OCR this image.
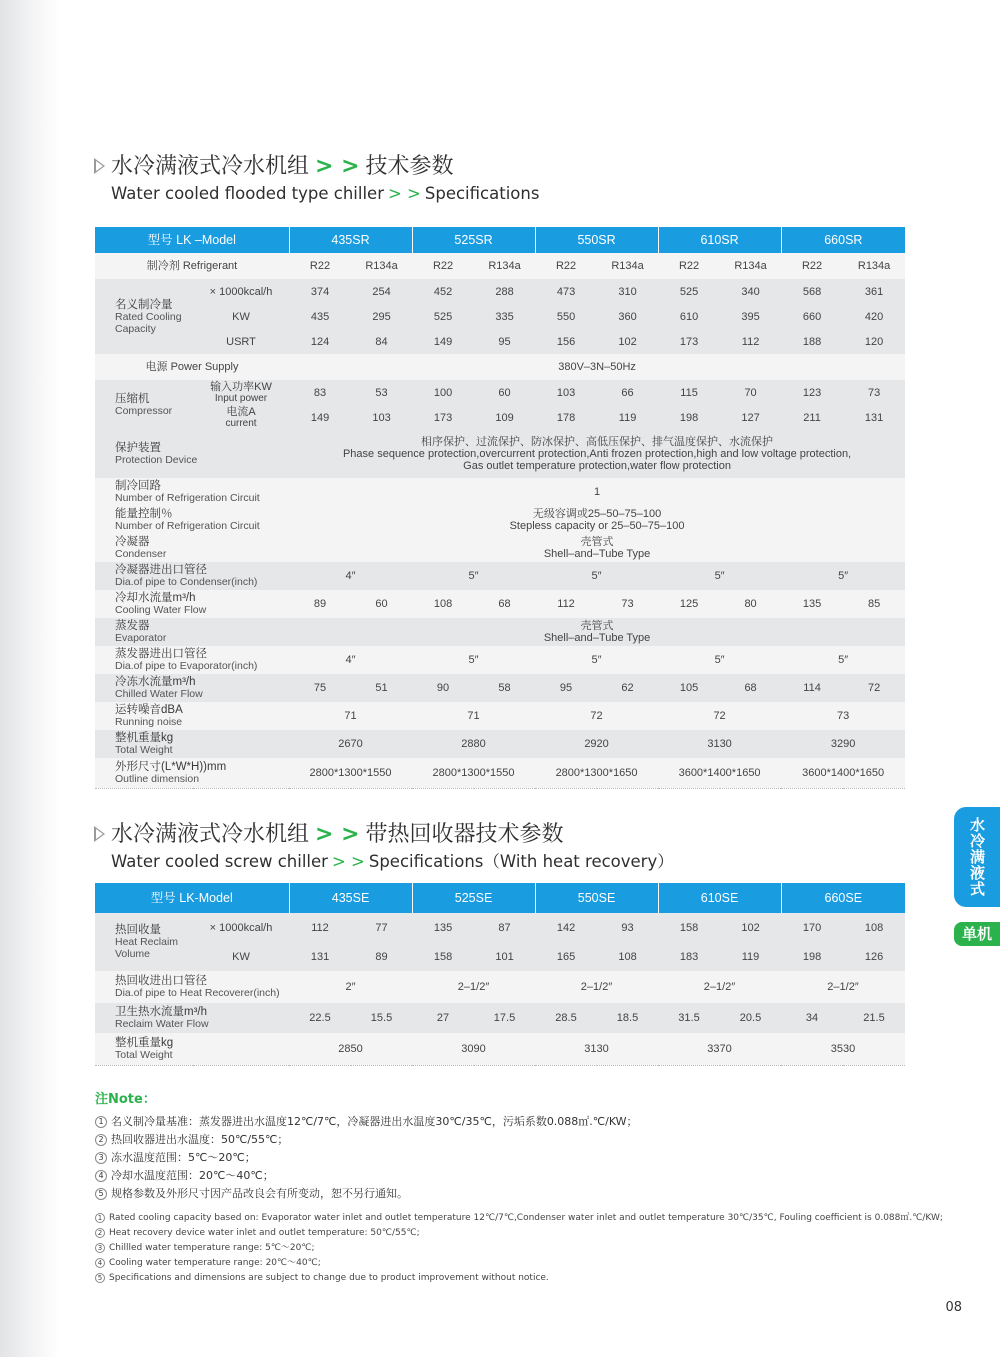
水冷满液式冷水机组 > > 技术参数
Water cooled flooded type chiller > > Specifications
型号 LK –Model		435SR		525SR		550SR		610SR		660SR	
制冷剂 Refrigerant		R22	R134a	R22	R134a	R22	R134a	R22	R134a	R22	R134a

名义制冷量
Rated Cooling Capacity	× 1000kcal/h	374	254	452	288	473	310	525	340	568	361
	KW	435	295	525	335	550	360	610	395	660	420
	USRT	124	84	149	95	156	102	173	112	188	120
电源 Power Supply		380V–3N–50Hz									

压缩机
Compressor	输入功率KW
Input power	83	53	100	60	103	66	115	70	123	73

	电流A
current	149	103	173	109	178	119	198	127	211	131

保护装置
Protection Device		相序保护、过流保护、防冰保护、高低压保护、排气温度保护、水流保护
Phase sequence protection,overcurrent protection,Anti frozen protection,high and low voltage protection,
Gas outlet temperature protection,water flow protection									

制冷回路
Number of Refrigeration Circuit		1									

能量控制％
Number of Refrigeration Circuit		无级容调或25–50–75–100
Stepless capacity or 25–50–75–100									

冷凝器
Condenser		壳管式
Shell–and–Tube Type									

冷凝器进出口管径
Dia.of pipe to Condenser(inch)		4″		5″		5″		5″		5″	

冷却水流量m³/h
Cooling Water Flow		89	60	108	68	112	73	125	80	135	85

蒸发器
Evaporator		壳管式
Shell–and–Tube Type									

蒸发器进出口管径
Dia.of pipe to Evaporator(inch)		4″		5″		5″		5″		5″	

冷冻水流量m³/h
Chilled Water Flow		75	51	90	58	95	62	105	68	114	72

运转噪音dBA
Running noise		71		71		72		72		73	

整机重量kg
Total Weight		2670		2880		2920		3130		3290	

外形尺寸(L*W*H))mm
Outline dimension		2800*1300*1550		2800*1300*1550		2800*1300*1650		3600*1400*1650		3600*1400*1650	
水冷满液式冷水机组 > > 带热回收器技术参数
Water cooled screw chiller > > Specifications（With heat recovery）
型号 LK-Model		435SE		525SE		550SE		610SE		660SE	

热回收量
Heat Reclaim Volume	× 1000kcal/h	112	77	135	87	142	93	158	102	170	108
	KW	131	89	158	101	165	108	183	119	198	126

热回收进出口管径
Dia.of pipe to Heat Recoverer(inch)		2″		2–1/2″		2–1/2″		2–1/2″		2–1/2″	

卫生热水流量m³/h
Reclaim Water Flow		22.5	15.5	27	17.5	28.5	18.5	31.5	20.5	34	21.5

整机重量kg
Total Weight		2850		3090		3130		3370		3530	
水冷满液式
单机
注Note：
1 名义制冷量基准：蒸发器进出水温度12℃/7℃，冷凝器进出水温度30℃/35℃，污垢系数0.088㎡.℃/KW；
2 热回收器进出水温度：50℃/55℃；
3 冻水温度范围：5℃～20℃；
4 冷却水温度范围：20℃～40℃；
5 规格参数及外形尺寸因产品改良会有所变动，恕不另行通知。
1 Rated cooling capacity based on: Evaporator water inlet and outlet temperature 12℃/7℃,Condenser water inlet and outlet temperature 30℃/35℃, Fouling coefficient is 0.088㎡.℃/KW;
2 Heat recovery device water inlet and outlet temperature: 50℃/55℃;
3 Chillled water temperature range: 5℃～20℃;
4 Cooling water temperature range: 20℃～40℃;
5 Specifications and dimensions are subject to change due to product improvement without notice.
08
